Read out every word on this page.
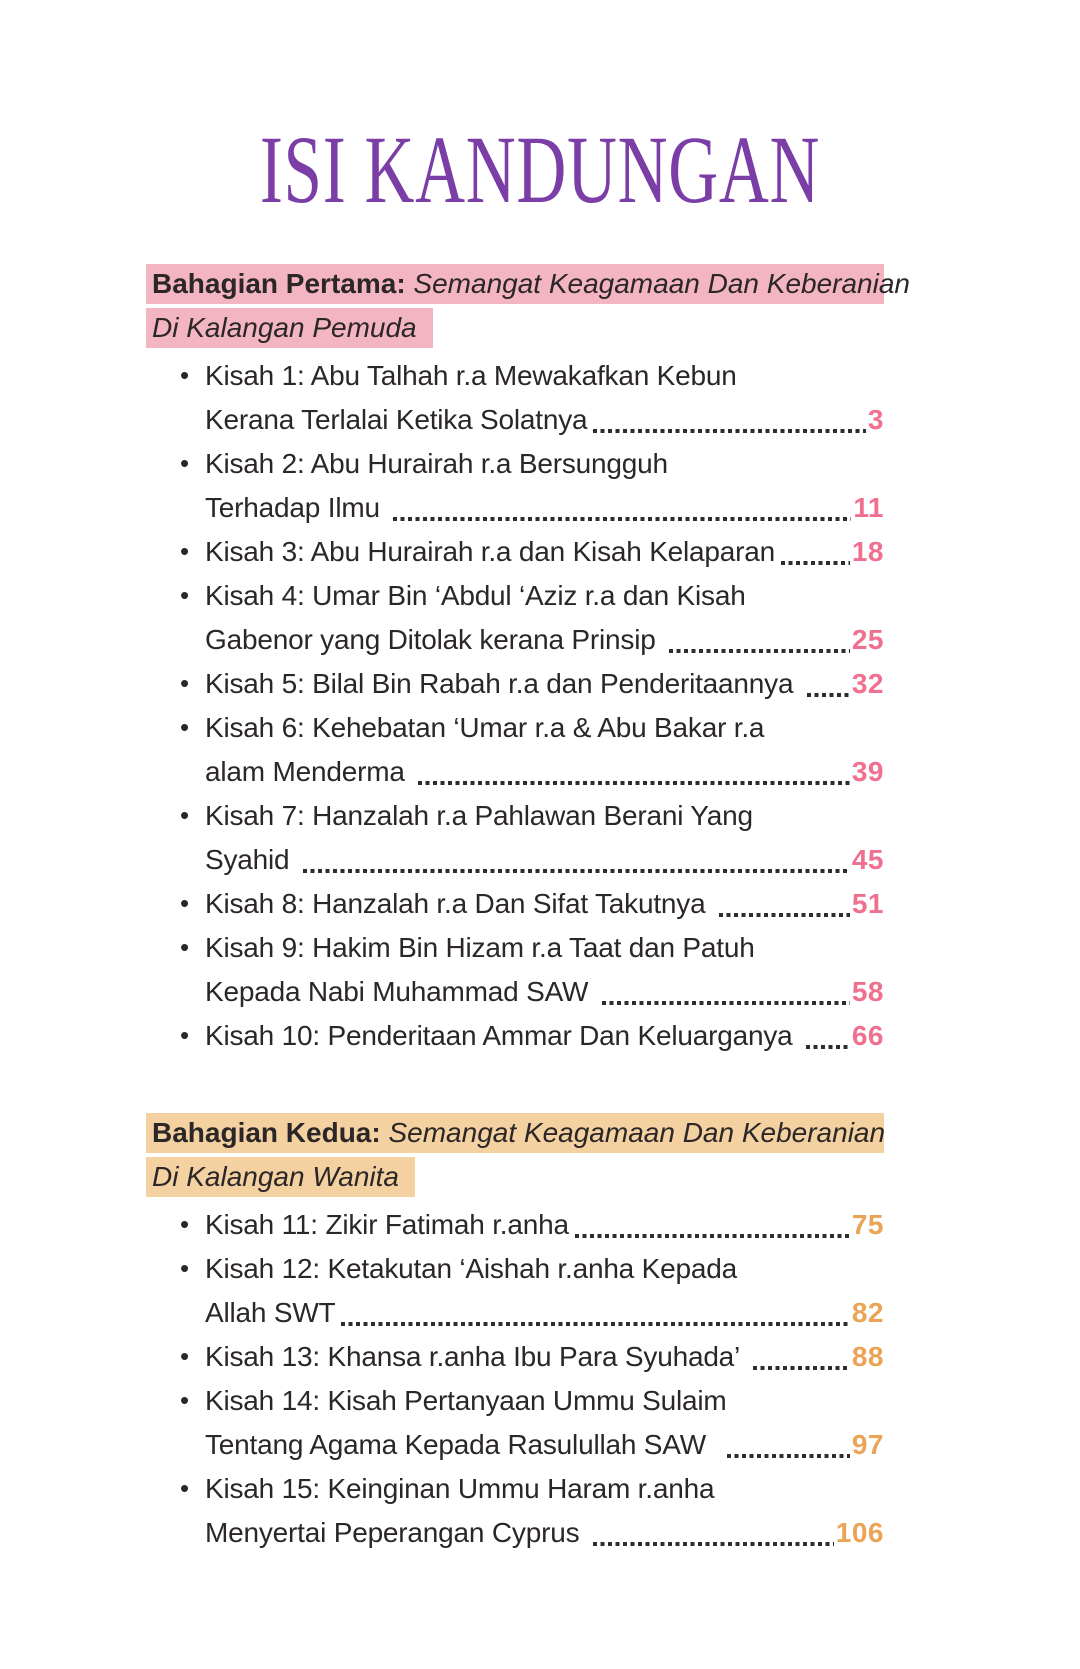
ISI KANDUNGAN
Bahagian Pertama: Semangat Keagamaan Dan Keberanian
Di Kalangan Pemuda
• Kisah 1: Abu Talhah r.a Mewakafkan Kebun
Kerana Terlalai Ketika Solatnya	3
• Kisah 2: Abu Hurairah r.a Bersungguh
Terhadap Ilmu	11
• Kisah 3: Abu Hurairah r.a dan Kisah Kelaparan	18
• Kisah 4: Umar Bin ‘Abdul ‘Aziz r.a dan Kisah
Gabenor yang Ditolak kerana Prinsip	25
• Kisah 5: Bilal Bin Rabah r.a dan Penderitaannya 32
• Kisah 6: Kehebatan ‘Umar r.a & Abu Bakar r.a
alam Menderma	39
• Kisah 7: Hanzalah r.a Pahlawan Berani Yang
Syahid	45
• Kisah 8: Hanzalah r.a Dan Sifat Takutnya	51
• Kisah 9: Hakim Bin Hizam r.a Taat dan Patuh
Kepada Nabi Muhammad SAW	58
• Kisah 10: Penderitaan Ammar Dan Keluarganya 66
Bahagian Kedua: Semangat Keagamaan Dan Keberanian
Di Kalangan Wanita
• Kisah 11: Zikir Fatimah r.anha	75
• Kisah 12: Ketakutan ‘Aishah r.anha Kepada
Allah SWT	82
• Kisah 13: Khansa r.anha Ibu Para Syuhada’	88
• Kisah 14: Kisah Pertanyaan Ummu Sulaim
Tentang Agama Kepada Rasulullah SAW	97
• Kisah 15: Keinginan Ummu Haram r.anha
Menyertai Peperangan Cyprus	106
